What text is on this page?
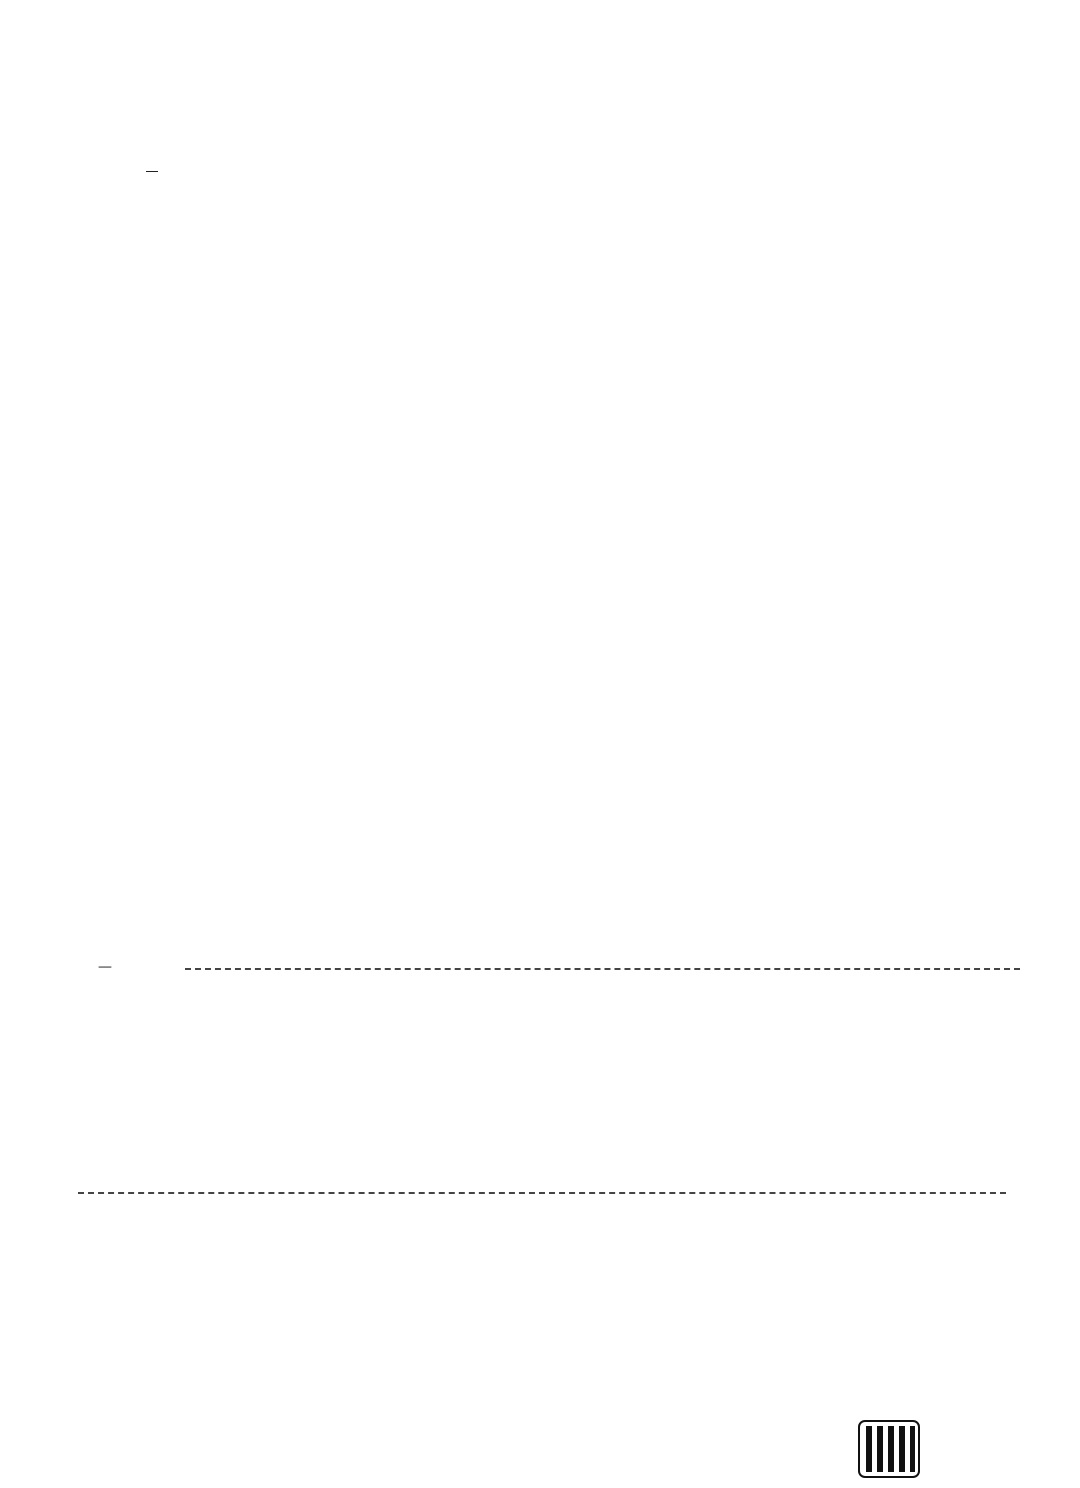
—
